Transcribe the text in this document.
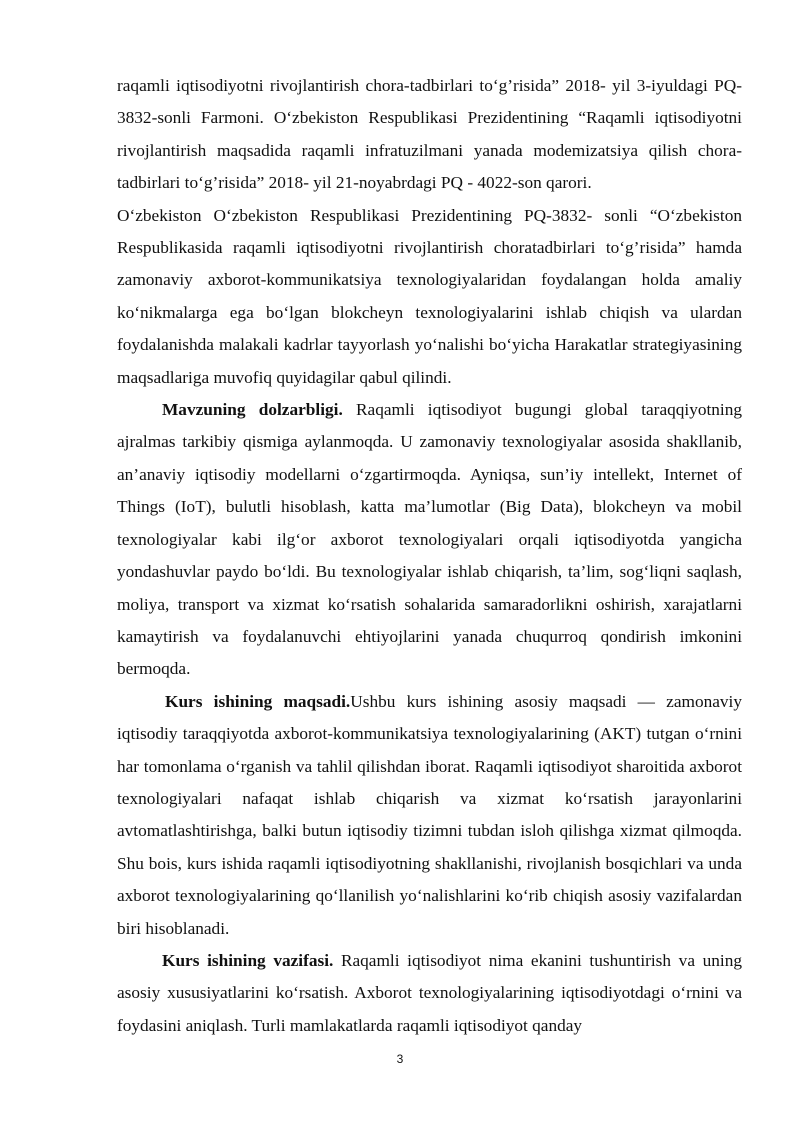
raqamli iqtisodiyotni rivojlantirish chora-tadbirlari to‘g’risida” 2018- yil 3-iyuldagi PQ- 3832-sonli Farmoni. O‘zbekiston Respublikasi Prezidentining “Raqamli iqtisodiyotni rivojlantirish maqsadida raqamli infratuzilmani yanada modemizatsiya qilish chora-tadbirlari to‘g’risida” 2018- yil 21-noyabrdagi PQ - 4022-son qarori.

O‘zbekiston O‘zbekiston Respublikasi Prezidentining PQ-3832- sonli “O‘zbekiston Respublikasida raqamli iqtisodiyotni rivojlantirish choratadbirlari to‘g’risida” hamda zamonaviy axborot-kommunikatsiya texnologiyalaridan foydalangan holda amaliy ko‘nikmalarga ega bo‘lgan blokcheyn texnologiyalarini ishlab chiqish va ulardan foydalanishda malakali kadrlar tayyorlash yo‘nalishi bo‘yicha Harakatlar strategiyasining maqsadlariga muvofiq quyidagilar qabul qilindi.

Mavzuning dolzarbligi. Raqamli iqtisodiyot bugungi global taraqqiyotning ajralmas tarkibiy qismiga aylanmoqda. U zamonaviy texnologiyalar asosida shakllanib, an’anaviy iqtisodiy modellarni o‘zgartirmoqda. Ayniqsa, sun’iy intellekt, Internet of Things (IoT), bulutli hisoblash, katta ma’lumotlar (Big Data), blokcheyn va mobil texnologiyalar kabi ilg‘or axborot texnologiyalari orqali iqtisodiyotda yangicha yondashuvlar paydo bo‘ldi. Bu texnologiyalar ishlab chiqarish, ta’lim, sog‘liqni saqlash, moliya, transport va xizmat ko‘rsatish sohalarida samaradorlikni oshirish, xarajatlarni kamaytirish va foydalanuvchi ehtiyojlarini yanada chuqurroq qondirish imkonini bermoqda.

Kurs ishining maqsadi.Ushbu kurs ishining asosiy maqsadi — zamonaviy iqtisodiy taraqqiyotda axborot-kommunikatsiya texnologiyalarining (AKT) tutgan o‘rnini har tomonlama o‘rganish va tahlil qilishdan iborat. Raqamli iqtisodiyot sharoitida axborot texnologiyalari nafaqat ishlab chiqarish va xizmat ko‘rsatish jarayonlarini avtomatlashtirishga, balki butun iqtisodiy tizimni tubdan isloh qilishga xizmat qilmoqda. Shu bois, kurs ishida raqamli iqtisodiyotning shakllanishi, rivojlanish bosqichlari va unda axborot texnologiyalarining qo‘llanilish yo‘nalishlarini ko‘rib chiqish asosiy vazifalardan biri hisoblanadi.

Kurs ishining vazifasi. Raqamli iqtisodiyot nima ekanini tushuntirish va uning asosiy xususiyatlarini ko‘rsatish. Axborot texnologiyalarining iqtisodiyotdagi o‘rnini va foydasini aniqlash. Turli mamlakatlarda raqamli iqtisodiyot qanday

3
